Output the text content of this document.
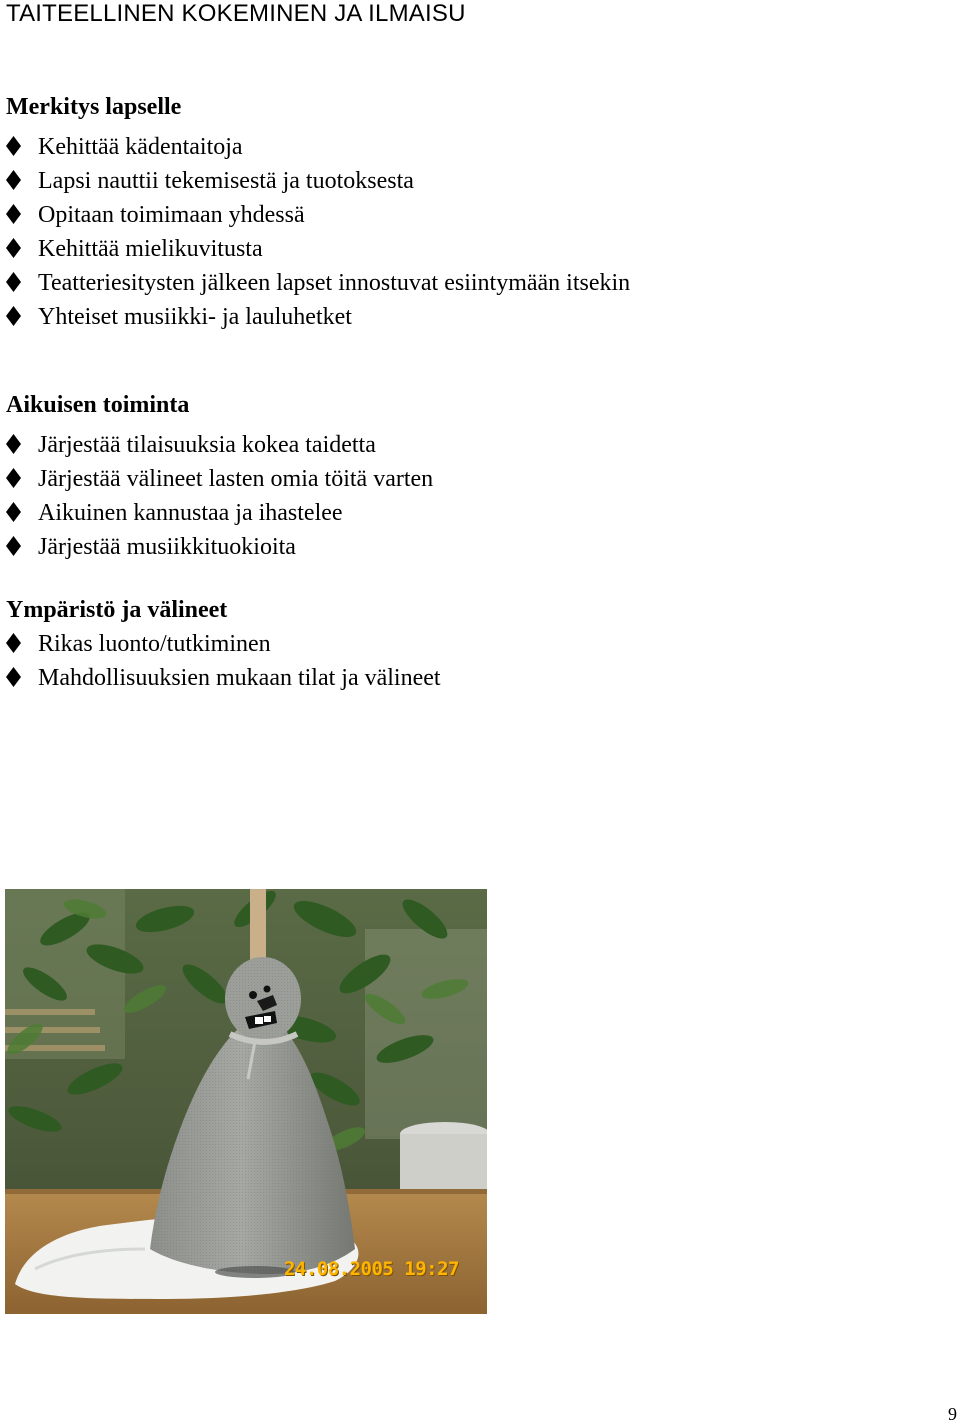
TAITEELLINEN KOKEMINEN JA ILMAISU
Merkitys lapselle
Kehittää kädentaitoja
Lapsi nauttii tekemisestä ja tuotoksesta
Opitaan toimimaan yhdessä
Kehittää mielikuvitusta
Teatteriesitysten jälkeen lapset innostuvat esiintymään itsekin
Yhteiset musiikki- ja lauluhetket
Aikuisen toiminta
Järjestää tilaisuuksia kokea taidetta
Järjestää välineet lasten omia töitä varten
Aikuinen kannustaa ja ihastelee
Järjestää musiikkituokioita
Ympäristö ja välineet
Rikas luonto/tutkiminen
Mahdollisuuksien mukaan tilat ja välineet
24.08.2005 19:27
9
